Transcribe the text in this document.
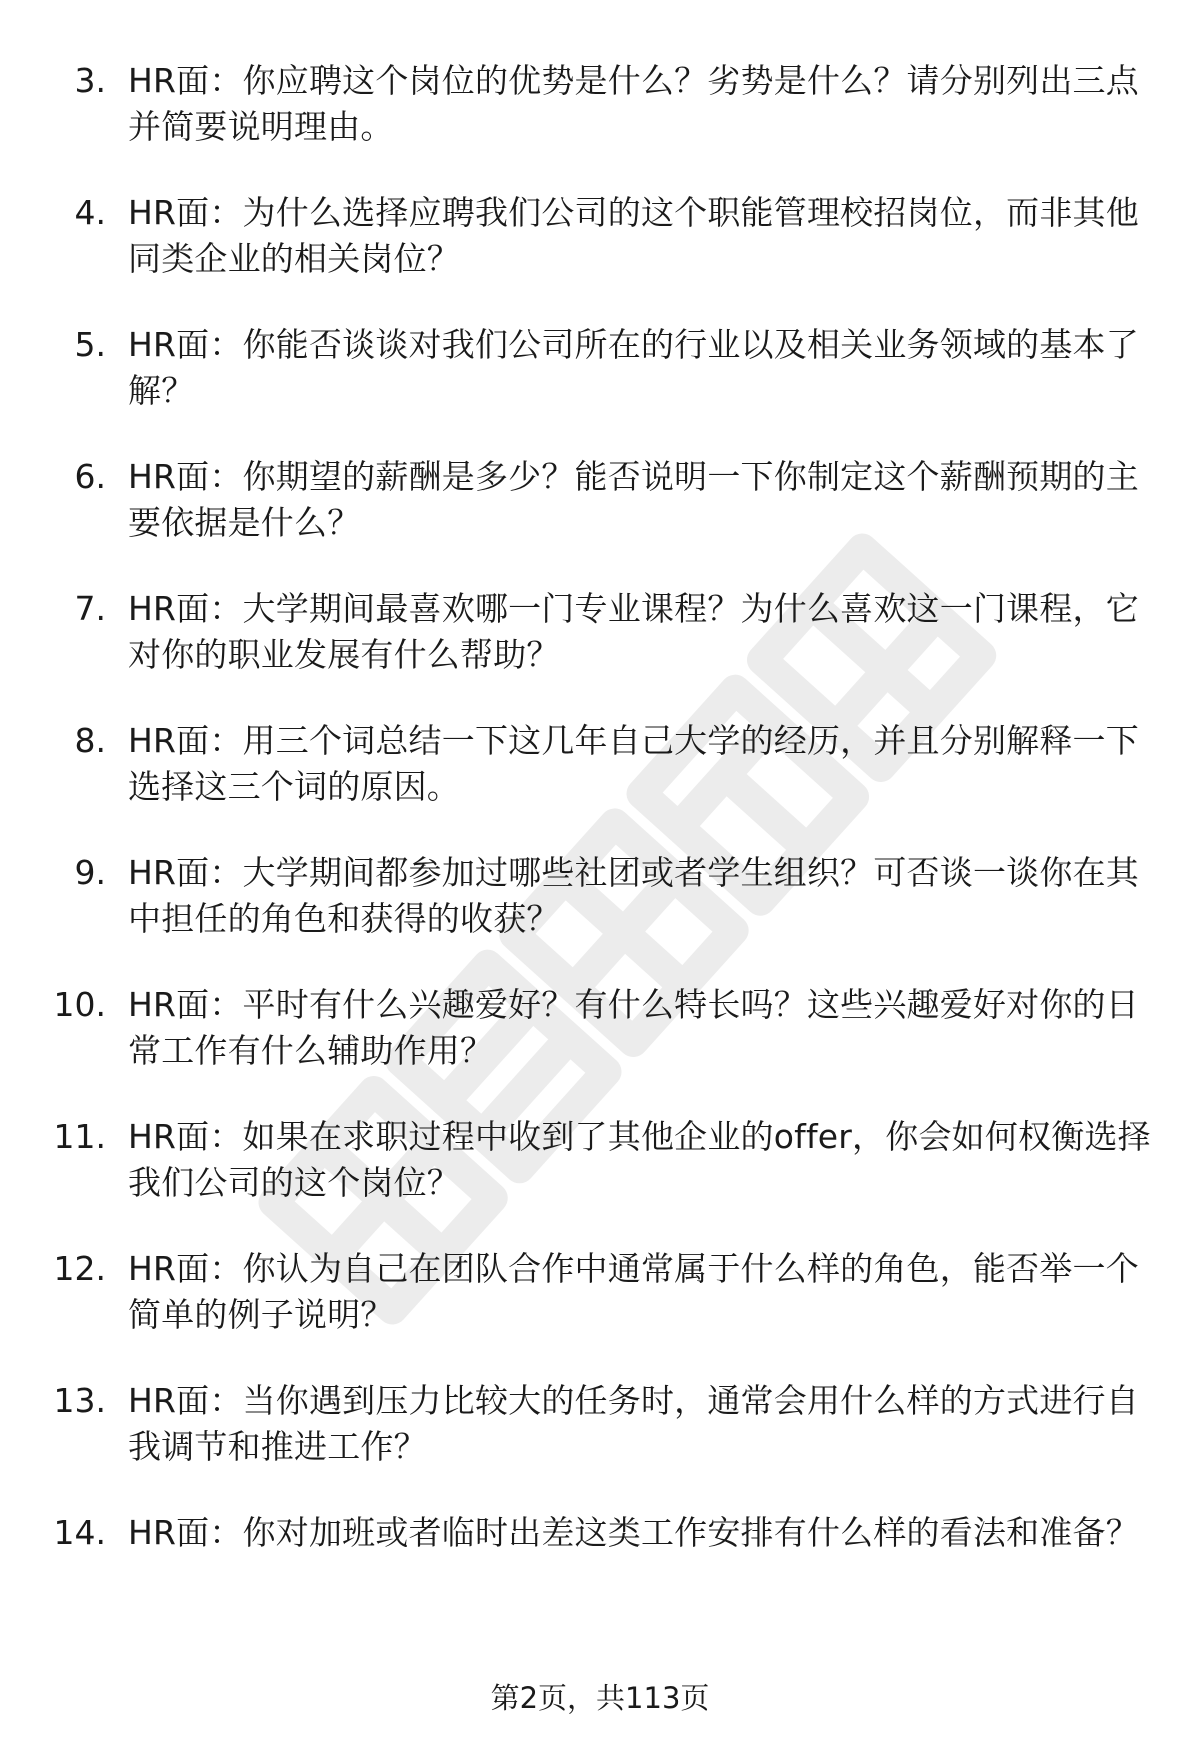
3. HR面：你应聘这个岗位的优势是什么？劣势是什么？请分别列出三点并简要说明理由。
4. HR面：为什么选择应聘我们公司的这个职能管理校招岗位，而非其他同类企业的相关岗位？
5. HR面：你能否谈谈对我们公司所在的行业以及相关业务领域的基本了解？
6. HR面：你期望的薪酬是多少？能否说明一下你制定这个薪酬预期的主要依据是什么？
7. HR面：大学期间最喜欢哪一门专业课程？为什么喜欢这一门课程，它对你的职业发展有什么帮助？
8. HR面：用三个词总结一下这几年自己大学的经历，并且分别解释一下选择这三个词的原因。
9. HR面：大学期间都参加过哪些社团或者学生组织？可否谈一谈你在其中担任的角色和获得的收获？
10. HR面：平时有什么兴趣爱好？有什么特长吗？这些兴趣爱好对你的日常工作有什么辅助作用？
11. HR面：如果在求职过程中收到了其他企业的offer，你会如何权衡选择我们公司的这个岗位？
12. HR面：你认为自己在团队合作中通常属于什么样的角色，能否举一个简单的例子说明？
13. HR面：当你遇到压力比较大的任务时，通常会用什么样的方式进行自我调节和推进工作？
14. HR面：你对加班或者临时出差这类工作安排有什么样的看法和准备？
第2页，共113页
